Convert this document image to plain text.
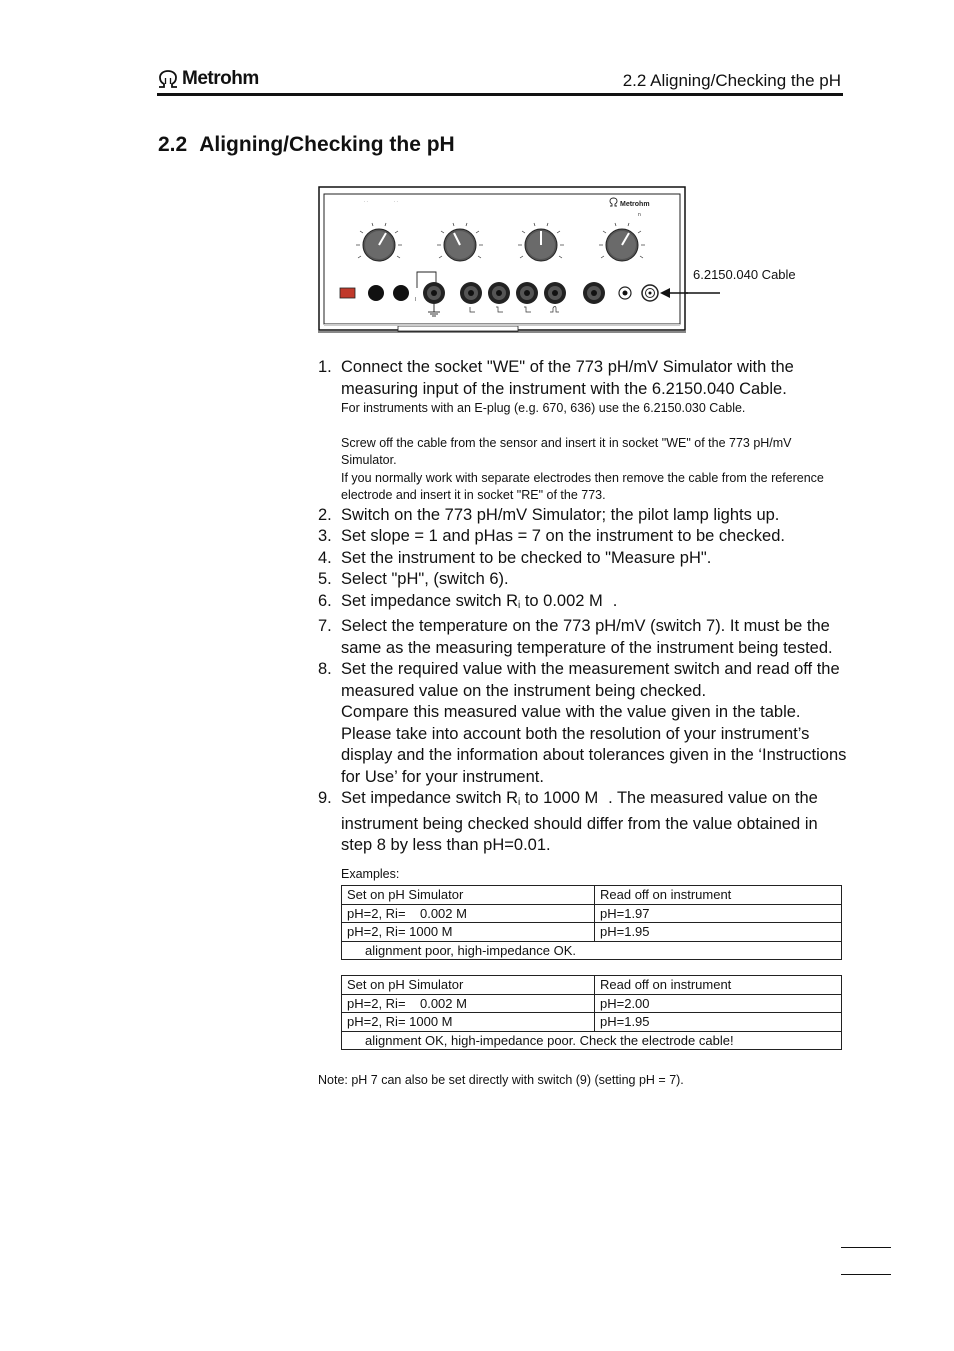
Metrohm	2.2 Aligning/Checking the pH
2.2 Aligning/Checking the pH
· ·	· ·	Metrohm
n
I
6.2150.040 Cable
1. Connect the socket "WE" of the 773 pH/mV Simulator with the measuring input of the instrument with the 6.2150.040 Cable.
For instruments with an E-plug (e.g. 670, 636) use the 6.2150.030 Cable.
Screw off the cable from the sensor and insert it in socket "WE" of the 773 pH/mV Simulator.
If you normally work with separate electrodes then remove the cable from the reference electrode and insert it in socket "RE" of the 773.
2. Switch on the 773 pH/mV Simulator; the pilot lamp lights up.
3. Set slope = 1 and pHas = 7 on the instrument to be checked.
4. Set the instrument to be checked to "Measure pH".
5. Select "pH", (switch 6).
6. Set impedance switch $R_i$ to 0.002 M   .
7. Select the temperature on the 773 pH/mV (switch 7). It must be the same as the measuring temperature of the instrument being tested.
8. Set the required value with the measurement switch and read off the measured value on the instrument being checked.
Compare this measured value with the value given in the table. Please take into account both the resolution of your instrument’s display and the information about tolerances given in the ‘Instructions for Use’ for your instrument.
9. Set impedance switch $R_i$ to 1000 M   . The measured value on the instrument being checked should differ from the value obtained in step 8 by less than pH=0.01.
Examples:
Set on pH Simulator	Read off on instrument
pH=2, Ri=    0.002 M	pH=1.97
pH=2, Ri= 1000 M	pH=1.95
alignment poor, high-impedance OK.	
Set on pH Simulator	Read off on instrument
pH=2, Ri=    0.002 M	pH=2.00
pH=2, Ri= 1000 M	pH=1.95
alignment OK, high-impedance poor. Check the electrode cable!	
Note: pH 7 can also be set directly with switch (9) (setting pH = 7).
